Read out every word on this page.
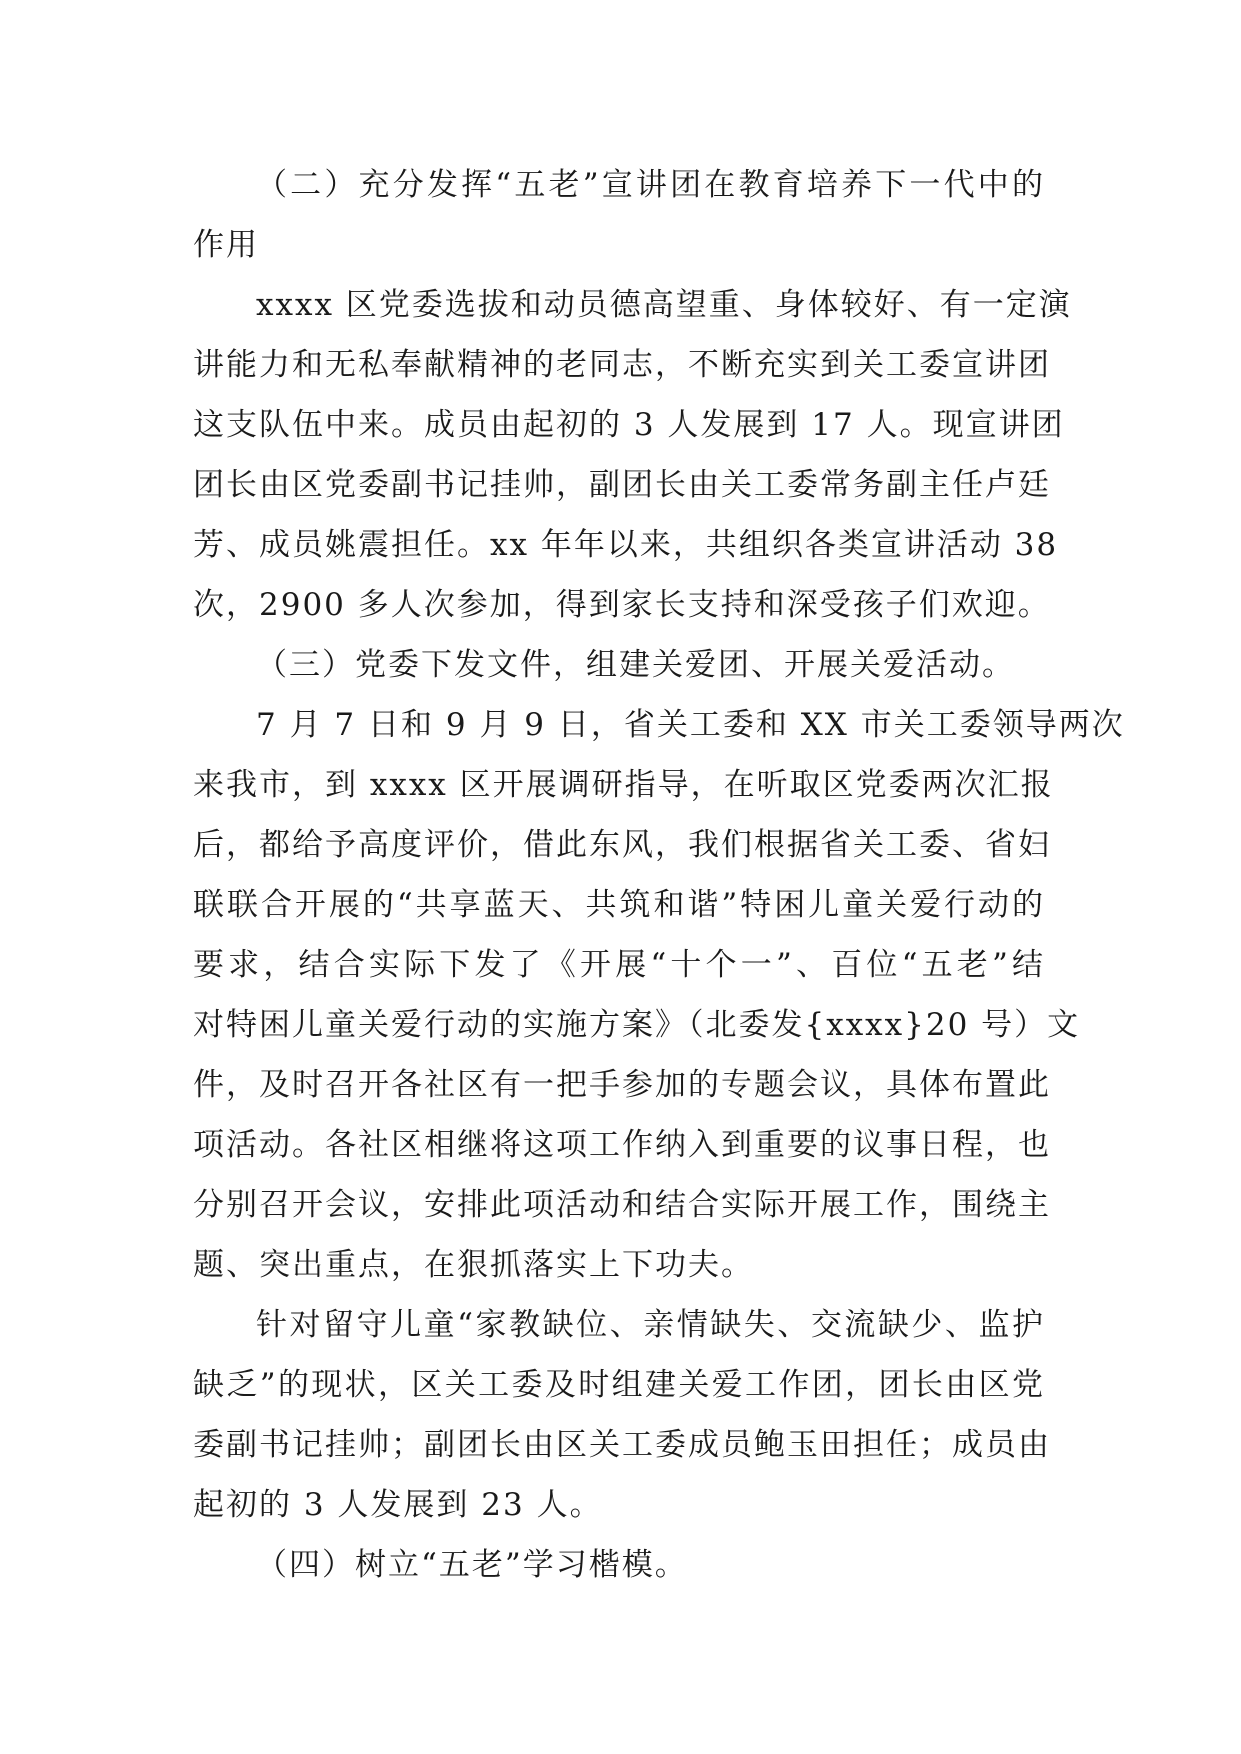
（二）充分发挥“五老”宣讲团在教育培养下一代中的
作用
xxxx 区党委选拔和动员德高望重、身体较好、有一定演
讲能力和无私奉献精神的老同志，不断充实到关工委宣讲团
这支队伍中来。成员由起初的 3 人发展到 17 人。现宣讲团
团长由区党委副书记挂帅，副团长由关工委常务副主任卢廷
芳、成员姚震担任。xx 年年以来，共组织各类宣讲活动 38
次，2900 多人次参加，得到家长支持和深受孩子们欢迎。
（三）党委下发文件，组建关爱团、开展关爱活动。
7 月 7 日和 9 月 9 日，省关工委和 XX 市关工委领导两次
来我市，到 xxxx 区开展调研指导，在听取区党委两次汇报
后，都给予高度评价，借此东风，我们根据省关工委、省妇
联联合开展的“共享蓝天、共筑和谐”特困儿童关爱行动的
要求，结合实际下发了《开展“十个一”、百位“五老”结
对特困儿童关爱行动的实施方案》（北委发{xxxx}20 号）文
件，及时召开各社区有一把手参加的专题会议，具体布置此
项活动。各社区相继将这项工作纳入到重要的议事日程，也
分别召开会议，安排此项活动和结合实际开展工作，围绕主
题、突出重点，在狠抓落实上下功夫。
针对留守儿童“家教缺位、亲情缺失、交流缺少、监护
缺乏”的现状，区关工委及时组建关爱工作团，团长由区党
委副书记挂帅；副团长由区关工委成员鲍玉田担任；成员由
起初的 3 人发展到 23 人。
（四）树立“五老”学习楷模。
